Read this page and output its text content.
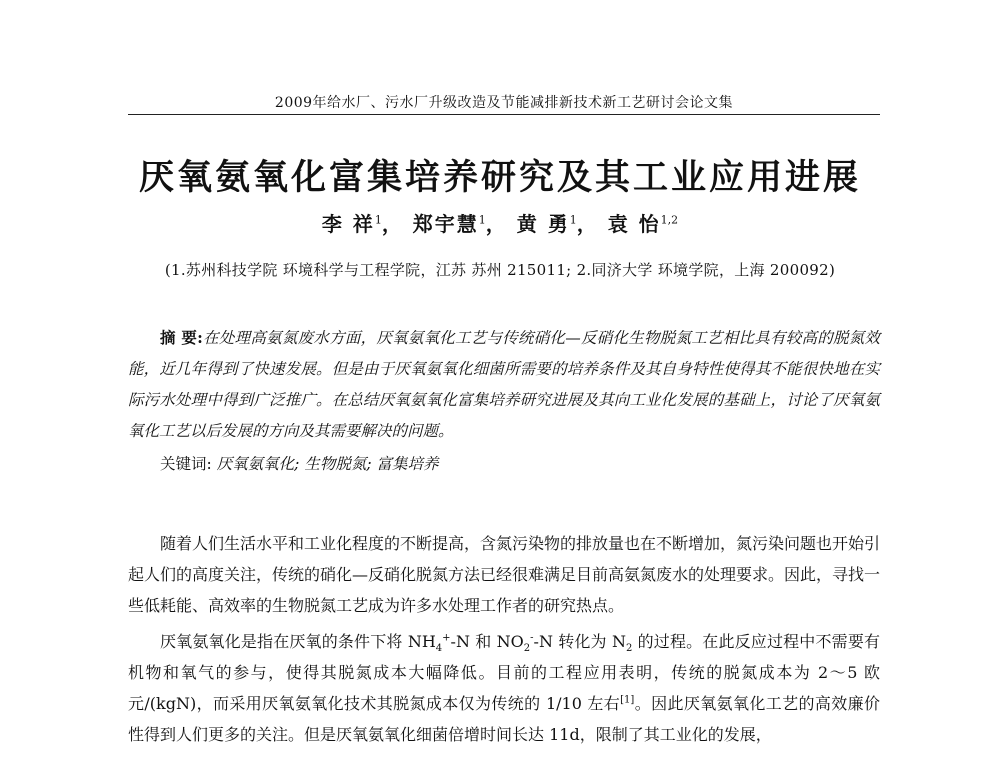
2009年给水厂、污水厂升级改造及节能减排新技术新工艺研讨会论文集
厌氧氨氧化富集培养研究及其工业应用进展
李 祥$^1$， 郑宇慧$^1$， 黄 勇$^1$， 袁 怡$^{1,2}$
(1.苏州科技学院 环境科学与工程学院，江苏 苏州 215011; 2.同济大学 环境学院，上海 200092)

摘 要:在处理高氨氮废水方面，厌氧氨氧化工艺与传统硝化—反硝化生物脱氮工艺相比具有较高的脱氮效能，近几年得到了快速发展。但是由于厌氧氨氧化细菌所需要的培养条件及其自身特性使得其不能很快地在实际污水处理中得到广泛推广。在总结厌氧氨氧化富集培养研究进展及其向工业化发展的基础上，讨论了厌氧氨氧化工艺以后发展的方向及其需要解决的问题。

关键词: 厌氧氨氧化; 生物脱氮; 富集培养

随着人们生活水平和工业化程度的不断提高，含氮污染物的排放量也在不断增加，氮污染问题也开始引起人们的高度关注，传统的硝化—反硝化脱氮方法已经很难满足目前高氨氮废水的处理要求。因此，寻找一些低耗能、高效率的生物脱氮工艺成为许多水处理工作者的研究热点。

厌氧氨氧化是指在厌氧的条件下将 $NH_4^+-N$ 和 $NO_2^--N$ 转化为 $N_2$ 的过程。在此反应过程中不需要有机物和氧气的参与，使得其脱氮成本大幅降低。目前的工程应用表明，传统的脱氮成本为 2～5 欧元/(kgN)，而采用厌氧氨氧化技术其脱氮成本仅为传统的 1/10 左右[1]。因此厌氧氨氧化工艺的高效廉价性得到人们更多的关注。但是厌氧氨氧化细菌倍增时间长达 11d，限制了其工业化的发展，
